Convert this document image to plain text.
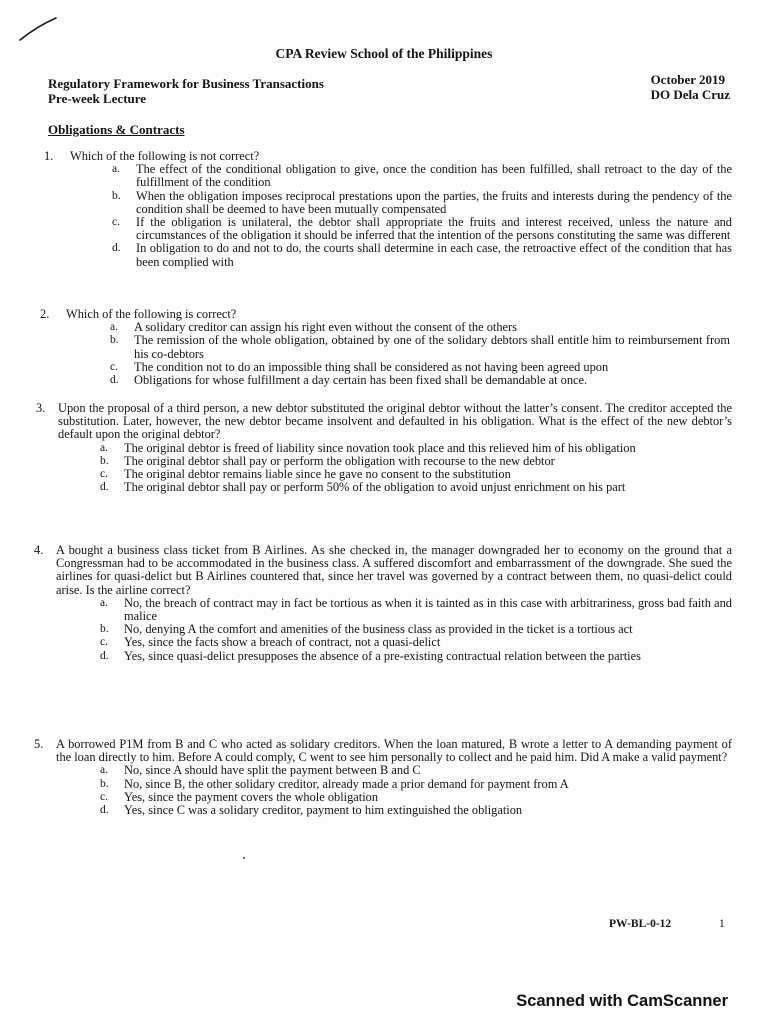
CPA Review School of the Philippines
Regulatory Framework for Business Transactions
Pre-week Lecture
October 2019
DO Dela Cruz
Obligations & Contracts
1.	Which of the following is not correct?
a.	The effect of the conditional obligation to give, once the condition has been fulfilled, shall retroact to the day of the fulfillment of the condition
b.	When the obligation imposes reciprocal prestations upon the parties, the fruits and interests during the pendency of the condition shall be deemed to have been mutually compensated
c.	If the obligation is unilateral, the debtor shall appropriate the fruits and interest received, unless the nature and circumstances of the obligation it should be inferred that the intention of the persons constituting the same was different
d.	In obligation to do and not to do, the courts shall determine in each case, the retroactive effect of the condition that has been complied with
2.	Which of the following is correct?
a.	A solidary creditor can assign his right even without the consent of the others
b.	The remission of the whole obligation, obtained by one of the solidary debtors shall entitle him to reimbursement from his co-debtors
c.	The condition not to do an impossible thing shall be considered as not having been agreed upon
d.	Obligations for whose fulfillment a day certain has been fixed shall be demandable at once.
3.	Upon the proposal of a third person, a new debtor substituted the original debtor without the latter’s consent. The creditor accepted the substitution. Later, however, the new debtor became insolvent and defaulted in his obligation. What is the effect of the new debtor’s default upon the original debtor?
a.	The original debtor is freed of liability since novation took place and this relieved him of his obligation
b.	The original debtor shall pay or perform the obligation with recourse to the new debtor
c.	The original debtor remains liable since he gave no consent to the substitution
d.	The original debtor shall pay or perform 50% of the obligation to avoid unjust enrichment on his part
4.	A bought a business class ticket from B Airlines. As she checked in, the manager downgraded her to economy on the ground that a Congressman had to be accommodated in the business class. A suffered discomfort and embarrassment of the downgrade. She sued the airlines for quasi-delict but B Airlines countered that, since her travel was governed by a contract between them, no quasi-delict could arise. Is the airline correct?
a.	No, the breach of contract may in fact be tortious as when it is tainted as in this case with arbitrariness, gross bad faith and malice
b.	No, denying A the comfort and amenities of the business class as provided in the ticket is a tortious act
c.	Yes, since the facts show a breach of contract, not a quasi-delict
d.	Yes, since quasi-delict presupposes the absence of a pre-existing contractual relation between the parties
5.	A borrowed P1M from B and C who acted as solidary creditors. When the loan matured, B wrote a letter to A demanding payment of the loan directly to him. Before A could comply, C went to see him personally to collect and he paid him. Did A make a valid payment?
a.	No, since A should have split the payment between B and C
b.	No, since B, the other solidary creditor, already made a prior demand for payment from A
c.	Yes, since the payment covers the whole obligation
d.	Yes, since C was a solidary creditor, payment to him extinguished the obligation
PW-BL-0-12	1
Scanned with CamScanner
